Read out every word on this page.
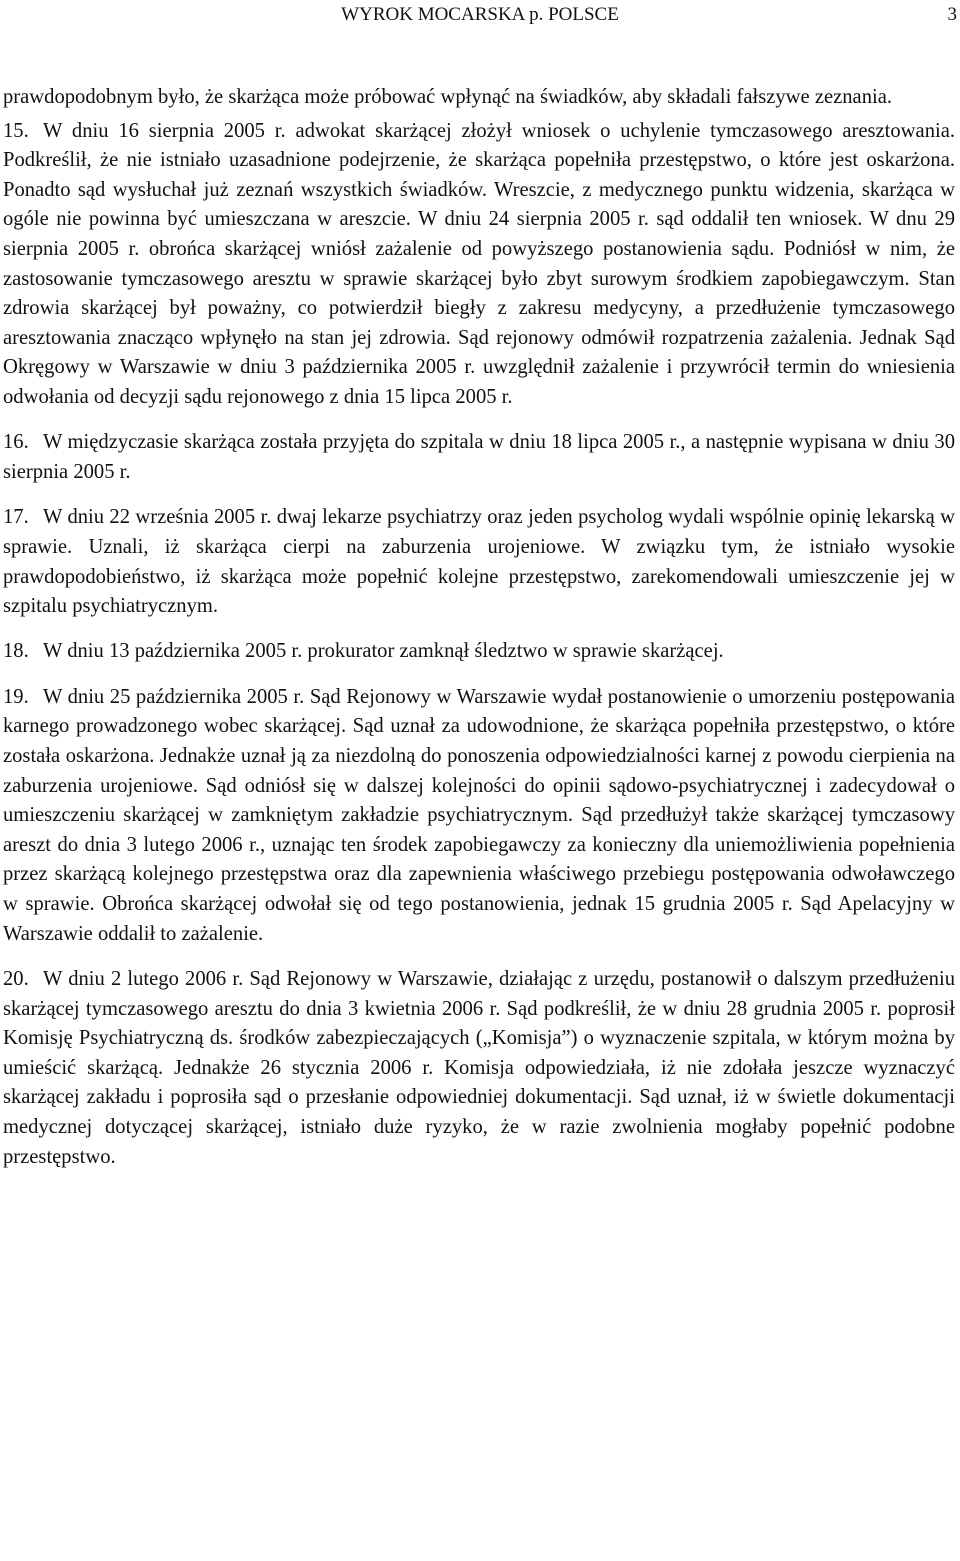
WYROK MOCARSKA p. POLSCE	3

prawdopodobnym było, że skarżąca może próbować wpłynąć na świadków, aby składali fałszywe zeznania.

15. W dniu 16 sierpnia 2005 r. adwokat skarżącej złożył wniosek o uchylenie tymczasowego aresztowania. Podkreślił, że nie istniało uzasadnione podejrzenie, że skarżąca popełniła przestępstwo, o które jest oskarżona. Ponadto sąd wysłuchał już zeznań wszystkich świadków. Wreszcie, z medycznego punktu widzenia, skarżąca w ogóle nie powinna być umieszczana w areszcie. W dniu 24 sierpnia 2005 r. sąd oddalił ten wniosek. W dnu 29 sierpnia 2005 r. obrońca skarżącej wniósł zażalenie od powyższego postanowienia sądu. Podniósł w nim, że zastosowanie tymczasowego aresztu w sprawie skarżącej było zbyt surowym środkiem zapobiegawczym. Stan zdrowia skarżącej był poważny, co potwierdził biegły z zakresu medycyny, a przedłużenie tymczasowego aresztowania znacząco wpłynęło na stan jej zdrowia. Sąd rejonowy odmówił rozpatrzenia zażalenia. Jednak Sąd Okręgowy w Warszawie w dniu 3 października 2005 r. uwzględnił zażalenie i przywrócił termin do wniesienia odwołania od decyzji sądu rejonowego z dnia 15 lipca 2005 r.

16. W międzyczasie skarżąca została przyjęta do szpitala w dniu 18 lipca 2005 r., a następnie wypisana w dniu 30 sierpnia 2005 r.

17. W dniu 22 września 2005 r. dwaj lekarze psychiatrzy oraz jeden psycholog wydali wspólnie opinię lekarską w sprawie. Uznali, iż skarżąca cierpi na zaburzenia urojeniowe. W związku tym, że istniało wysokie prawdopodobieństwo, iż skarżąca może popełnić kolejne przestępstwo, zarekomendowali umieszczenie jej w szpitalu psychiatrycznym.

18. W dniu 13 października 2005 r. prokurator zamknął śledztwo w sprawie skarżącej.

19. W dniu 25 października 2005 r. Sąd Rejonowy w Warszawie wydał postanowienie o umorzeniu postępowania karnego prowadzonego wobec skarżącej. Sąd uznał za udowodnione, że skarżąca popełniła przestępstwo, o które została oskarżona. Jednakże uznał ją za niezdolną do ponoszenia odpowiedzialności karnej z powodu cierpienia na zaburzenia urojeniowe. Sąd odniósł się w dalszej kolejności do opinii sądowo-psychiatrycznej i zadecydował o umieszczeniu skarżącej w zamkniętym zakładzie psychiatrycznym. Sąd przedłużył także skarżącej tymczasowy areszt do dnia 3 lutego 2006 r., uznając ten środek zapobiegawczy za konieczny dla uniemożliwienia popełnienia przez skarżącą kolejnego przestępstwa oraz dla zapewnienia właściwego przebiegu postępowania odwoławczego w sprawie. Obrońca skarżącej odwołał się od tego postanowienia, jednak 15 grudnia 2005 r. Sąd Apelacyjny w Warszawie oddalił to zażalenie.

20. W dniu 2 lutego 2006 r. Sąd Rejonowy w Warszawie, działając z urzędu, postanowił o dalszym przedłużeniu skarżącej tymczasowego aresztu do dnia 3 kwietnia 2006 r. Sąd podkreślił, że w dniu 28 grudnia 2005 r. poprosił Komisję Psychiatryczną ds. środków zabezpieczających („Komisja”) o wyznaczenie szpitala, w którym można by umieścić skarżącą. Jednakże 26 stycznia 2006 r. Komisja odpowiedziała, iż nie zdołała jeszcze wyznaczyć skarżącej zakładu i poprosiła sąd o przesłanie odpowiedniej dokumentacji. Sąd uznał, iż w świetle dokumentacji medycznej dotyczącej skarżącej, istniało duże ryzyko, że w razie zwolnienia mogłaby popełnić podobne przestępstwo.
